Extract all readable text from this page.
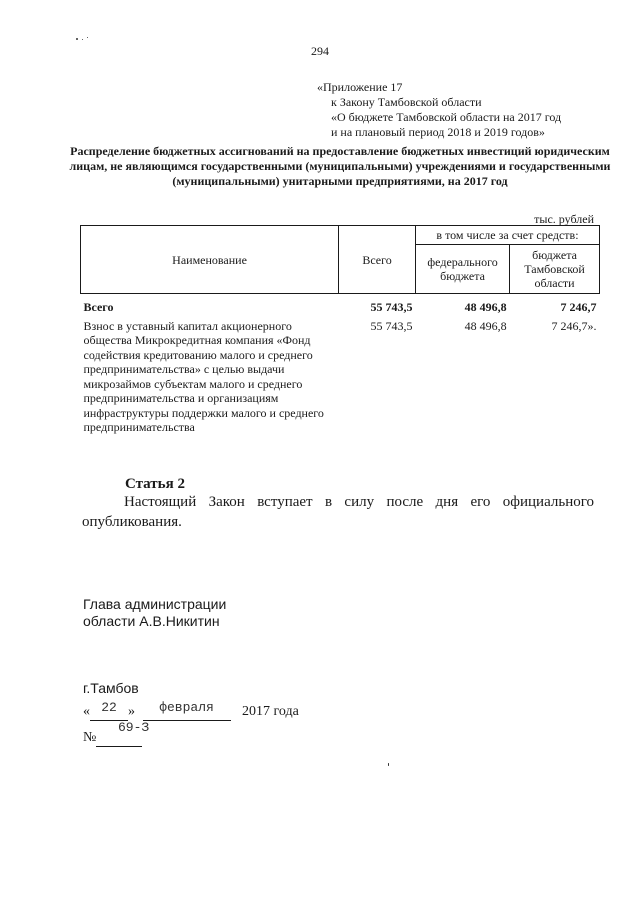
294
«Приложение 17
к Закону Тамбовской области
«О бюджете Тамбовской области на 2017 год
и на плановый период 2018 и 2019 годов»
Распределение бюджетных ассигнований на предоставление бюджетных инвестиций юридическим лицам, не являющимся государственными (муниципальными) учреждениями и государственными (муниципальными) унитарными предприятиями, на 2017 год
тыс. рублей
Наименование	Всего	в том числе за счет средств:	
		федерального бюджета	бюджета Тамбовской области
Всего	55 743,5	48 496,8	7 246,7
Взнос в уставный капитал акционерного общества Микрокредитная компания «Фонд содействия кредитованию малого и среднего предпринимательства» с целью выдачи микрозаймов субъектам малого и среднего предпринимательства и организациям инфраструктуры поддержки малого и среднего предпринимательства	55 743,5	48 496,8	7 246,7».
Статья 2
Настоящий Закон вступает в силу после дня его официального опубликования.
Глава администрации
области А.В.Никитин
г.Тамбов
« 22 » февраля 2017 года
№
69-З
